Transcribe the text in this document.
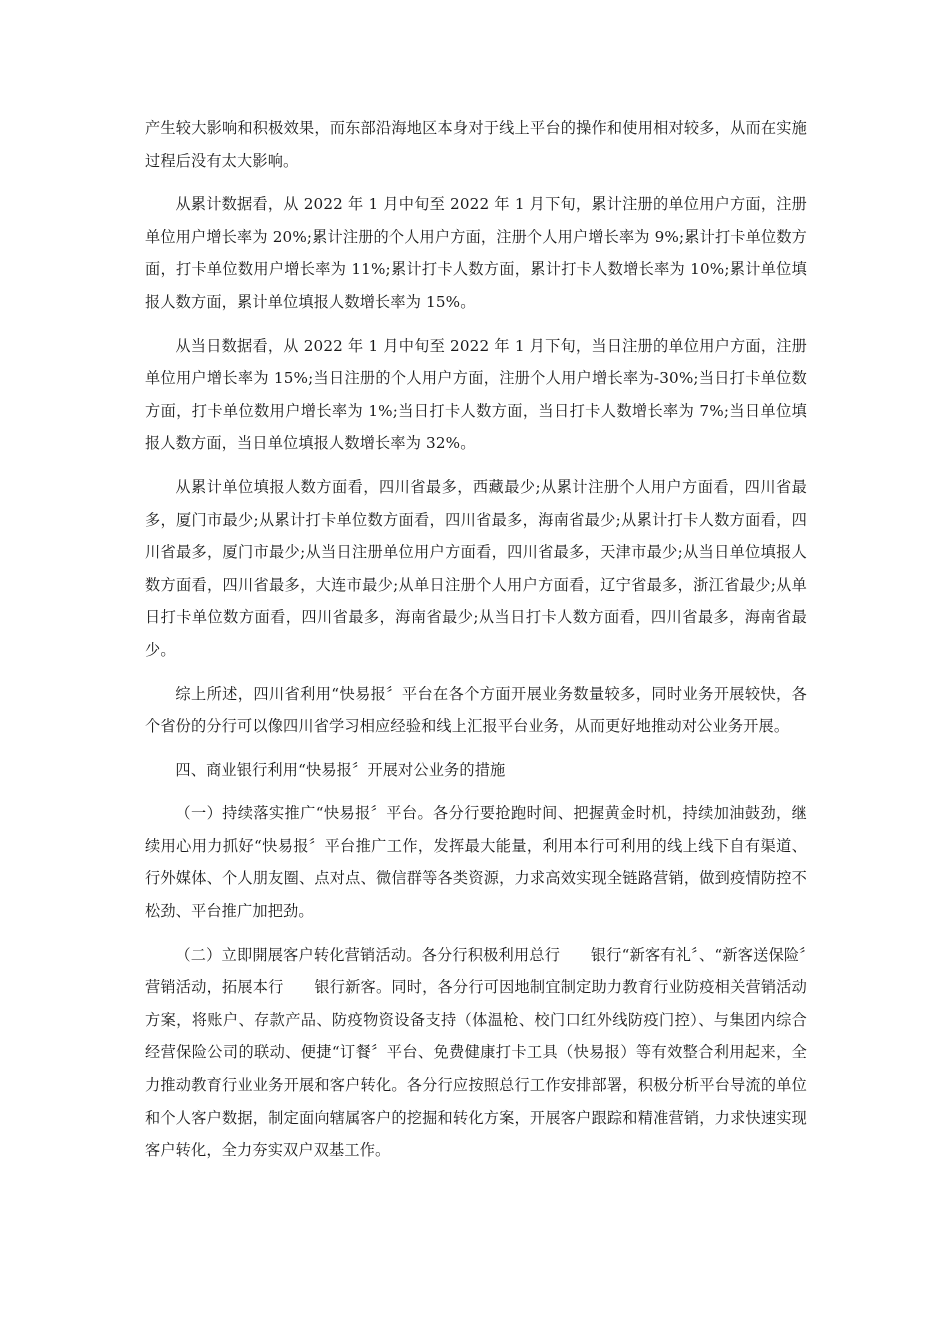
产生较大影响和积极效果，而东部沿海地区本身对于线上平台的操作和使用相对较多，从而在实施过程后没有太大影响。

从累计数据看，从 2022 年 1 月中旬至 2022 年 1 月下旬，累计注册的单位用户方面，注册单位用户增长率为 20%;累计注册的个人用户方面，注册个人用户增长率为 9%;累计打卡单位数方面，打卡单位数用户增长率为 11%;累计打卡人数方面，累计打卡人数增长率为 10%;累计单位填报人数方面，累计单位填报人数增长率为 15%。

从当日数据看，从 2022 年 1 月中旬至 2022 年 1 月下旬，当日注册的单位用户方面，注册单位用户增长率为 15%;当日注册的个人用户方面，注册个人用户增长率为-30%;当日打卡单位数方面，打卡单位数用户增长率为 1%;当日打卡人数方面，当日打卡人数增长率为 7%;当日单位填报人数方面，当日单位填报人数增长率为 32%。

从累计单位填报人数方面看，四川省最多，西藏最少;从累计注册个人用户方面看，四川省最多，厦门市最少;从累计打卡单位数方面看，四川省最多，海南省最少;从累计打卡人数方面看，四川省最多，厦门市最少;从当日注册单位用户方面看，四川省最多，天津市最少;从当日单位填报人数方面看，四川省最多，大连市最少;从单日注册个人用户方面看，辽宁省最多，浙江省最少;从单日打卡单位数方面看，四川省最多，海南省最少;从当日打卡人数方面看，四川省最多，海南省最少。

综上所述，四川省利用“快易报〞平台在各个方面开展业务数量较多，同时业务开展较快，各个省份的分行可以像四川省学习相应经验和线上汇报平台业务，从而更好地推动对公业务开展。

四、商业银行利用“快易报〞开展对公业务的措施

（一）持续落实推广“快易报〞平台。各分行要抢跑时间、把握黄金时机，持续加油鼓劲，继续用心用力抓好“快易报〞平台推广工作，发挥最大能量，利用本行可利用的线上线下自有渠道、行外媒体、个人朋友圈、点对点、微信群等各类资源，力求高效实现全链路营销，做到疫情防控不松劲、平台推广加把劲。

（二）立即開展客户转化营销活动。各分行积极利用总行　　银行“新客有礼〞、“新客送保险〞营销活动，拓展本行　　银行新客。同时，各分行可因地制宜制定助力教育行业防疫相关营销活动方案，将账户、存款产品、防疫物资设备支持（体温枪、校门口红外线防疫门控）、与集团内综合经营保险公司的联动、便捷“订餐〞平台、免费健康打卡工具（快易报）等有效整合利用起来，全力推动教育行业业务开展和客户转化。各分行应按照总行工作安排部署，积极分析平台导流的单位和个人客户数据，制定面向辖属客户的挖掘和转化方案，开展客户跟踪和精准营销，力求快速实现客户转化，全力夯实双户双基工作。
